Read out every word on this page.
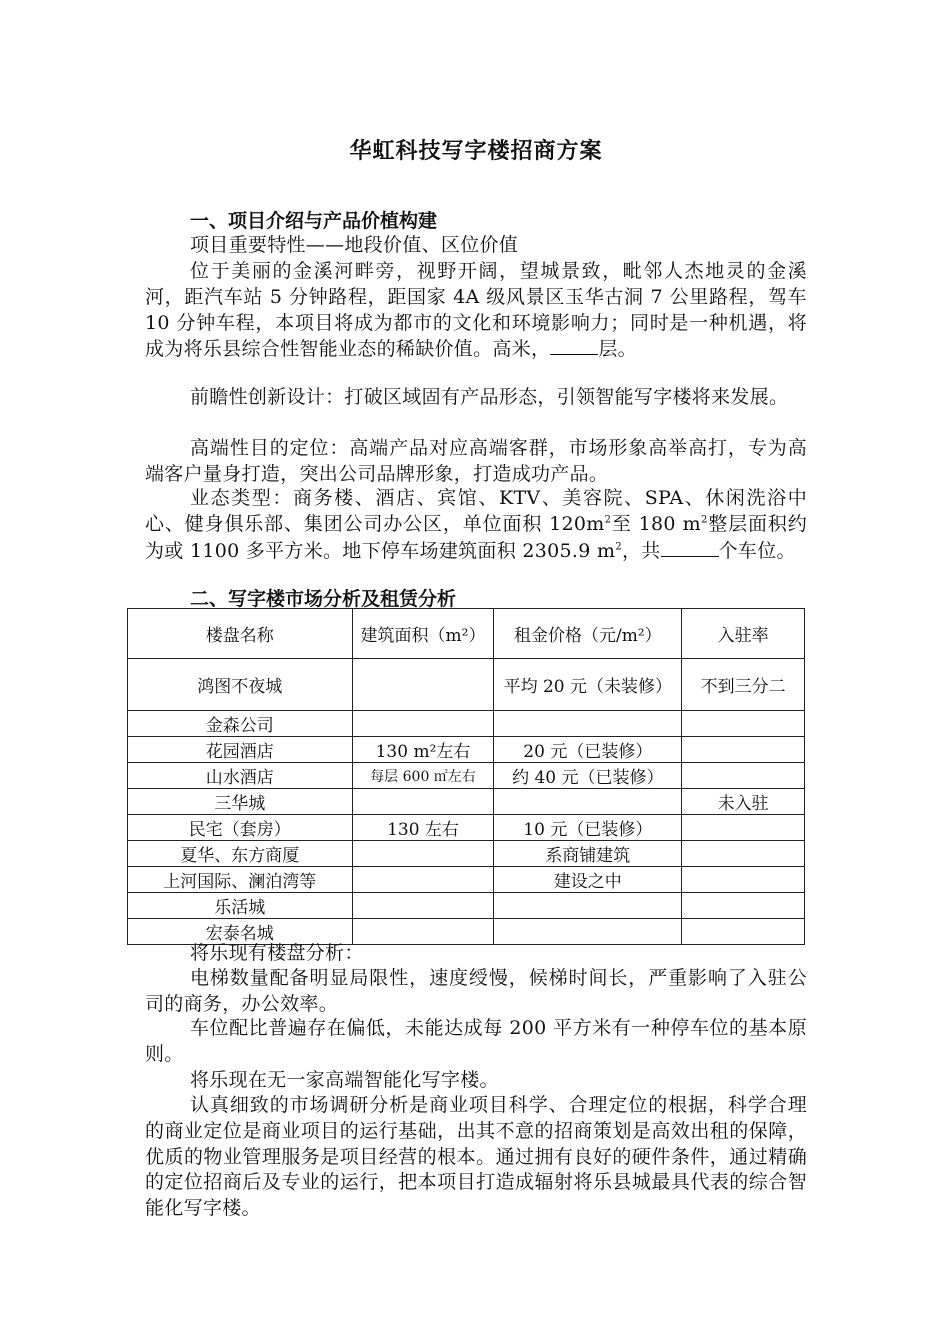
华虹科技写字楼招商方案
一、项目介绍与产品价植构建
项目重要特性——地段价值、区位价值
位于美丽的金溪河畔旁，视野开阔，望城景致，毗邻人杰地灵的金溪河，距汽车站 5 分钟路程，距国家 4A 级风景区玉华古洞 7 公里路程，驾车 10 分钟车程，本项目将成为都市的文化和环境影响力；同时是一种机遇，将成为将乐县综合性智能业态的稀缺价值。高米，	层。
前瞻性创新设计：打破区域固有产品形态，引领智能写字楼将来发展。
高端性目的定位：高端产品对应高端客群，市场形象高举高打，专为高端客户量身打造，突出公司品牌形象，打造成功产品。
业态类型：商务楼、酒店、宾馆、KTV、美容院、SPA、休闲洗浴中心、健身俱乐部、集团公司办公区，单位面积 $120m^2$至 180 $m^2$整层面积约为或 1100 多平方米。地下停车场建筑面积 2305.9 $m^2$，共	个车位。
二、写字楼市场分析及租赁分析
楼盘名称	建筑面积（m²）	租金价格（元/m²）	入驻率
鸿图不夜城		平均 20 元（未装修）	不到三分二
金森公司			
花园酒店	130 m²左右	20 元（已装修）	
山水酒店	每层 600 ㎡左右	约 40 元（已装修）	
三华城			未入驻
民宅（套房）	130 左右	10 元（已装修）	
夏华、东方商厦		系商铺建筑	
上河国际、澜泊湾等		建设之中	
乐活城			
宏泰名城			
将乐现有楼盘分析：
电梯数量配备明显局限性，速度绶慢，候梯时间长，严重影响了入驻公司的商务，办公效率。
车位配比普遍存在偏低，未能达成每 200 平方米有一种停车位的基本原则。
将乐现在无一家高端智能化写字楼。
认真细致的市场调研分析是商业项目科学、合理定位的根据，科学合理的商业定位是商业项目的运行基础，出其不意的招商策划是高效出租的保障，优质的物业管理服务是项目经营的根本。通过拥有良好的硬件条件，通过精确的定位招商后及专业的运行，把本项目打造成辐射将乐县城最具代表的综合智能化写字楼。
